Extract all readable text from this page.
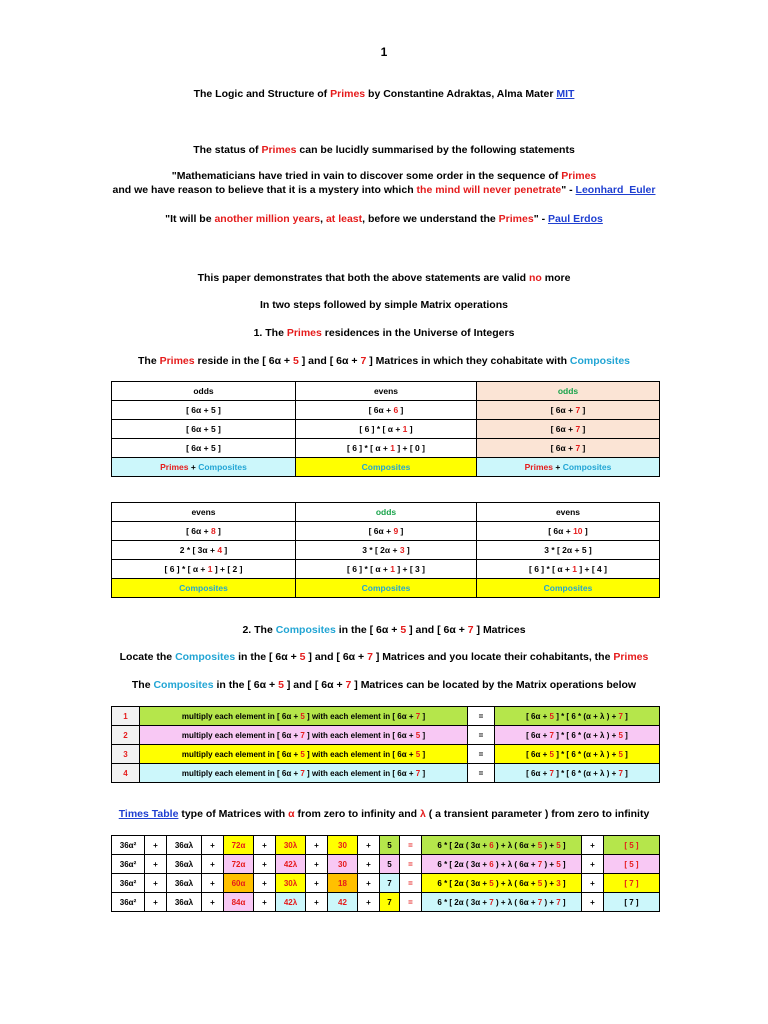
1
The Logic and Structure of Primes by Constantine Adraktas, Alma Mater MIT
The status of Primes can be lucidly summarised by the following statements
"Mathematicians have tried in vain to discover some order in the sequence of Primes
and we have reason to believe that it is a mystery into which the mind will never penetrate" - Leonhard_Euler
"It will be another million years, at least, before we understand the Primes" - Paul Erdos
This paper demonstrates that both the above statements are valid no more
In two steps followed by simple Matrix operations
1. The Primes residences in the Universe of Integers
The Primes reside in the [ 6α + 5 ] and [ 6α + 7 ] Matrices in which they cohabitate with Composites
odds	evens	odds
[ 6α + 5 ]	[ 6α + 6 ]	[ 6α + 7 ]
[ 6α + 5 ]	[ 6 ] * [ α + 1 ]	[ 6α + 7 ]
[ 6α + 5 ]	[ 6 ] * [ α + 1 ] + [ 0 ]	[ 6α + 7 ]
Primes + Composites	Composites	Primes + Composites
evens	odds	evens
[ 6α + 8 ]	[ 6α + 9 ]	[ 6α + 10 ]
2 * [ 3α + 4 ]	3 * [ 2α + 3 ]	3 * [ 2α + 5 ]
[ 6 ] * [ α + 1 ] + [ 2 ]	[ 6 ] * [ α + 1 ] + [ 3 ]	[ 6 ] * [ α + 1 ] + [ 4 ]
Composites	Composites	Composites
2. The Composites in the [ 6α + 5 ] and [ 6α + 7 ] Matrices
Locate the Composites in the [ 6α + 5 ] and [ 6α + 7 ] Matrices and you locate their cohabitants, the Primes
The Composites in the [ 6α + 5 ] and [ 6α + 7 ] Matrices can be located by the Matrix operations below
1	multiply each element in [ 6α + 5 ] with each element in [ 6α + 7 ]	=	[ 6α + 5 ] * [ 6 * (α + λ ) + 7 ]
2	multiply each element in [ 6α + 7 ] with each element in [ 6α + 5 ]	=	[ 6α + 7 ] * [ 6 * (α + λ ) + 5 ]
3	multiply each element in [ 6α + 5 ] with each element in [ 6α + 5 ]	=	[ 6α + 5 ] * [ 6 * (α + λ ) + 5 ]
4	multiply each element in [ 6α + 7 ] with each element in [ 6α + 7 ]	=	[ 6α + 7 ] * [ 6 * (α + λ ) + 7 ]
Times Table type of Matrices with α from zero to infinity and λ ( a transient parameter ) from zero to infinity
36α²	+	36αλ	+	72α	+	30λ	+	30	+	5	=	6 * [ 2α ( 3α + 6 ) + λ ( 6α + 5 ) + 5 ]	+	[ 5 ]
36α²	+	36αλ	+	72α	+	42λ	+	30	+	5	=	6 * [ 2α ( 3α + 6 ) + λ ( 6α + 7 ) + 5 ]	+	[ 5 ]
36α²	+	36αλ	+	60α	+	30λ	+	18	+	7	=	6 * [ 2α ( 3α + 5 ) + λ ( 6α + 5 ) + 3 ]	+	[ 7 ]
36α²	+	36αλ	+	84α	+	42λ	+	42	+	7	=	6 * [ 2α ( 3α + 7 ) + λ ( 6α + 7 ) + 7 ]	+	[ 7 ]
